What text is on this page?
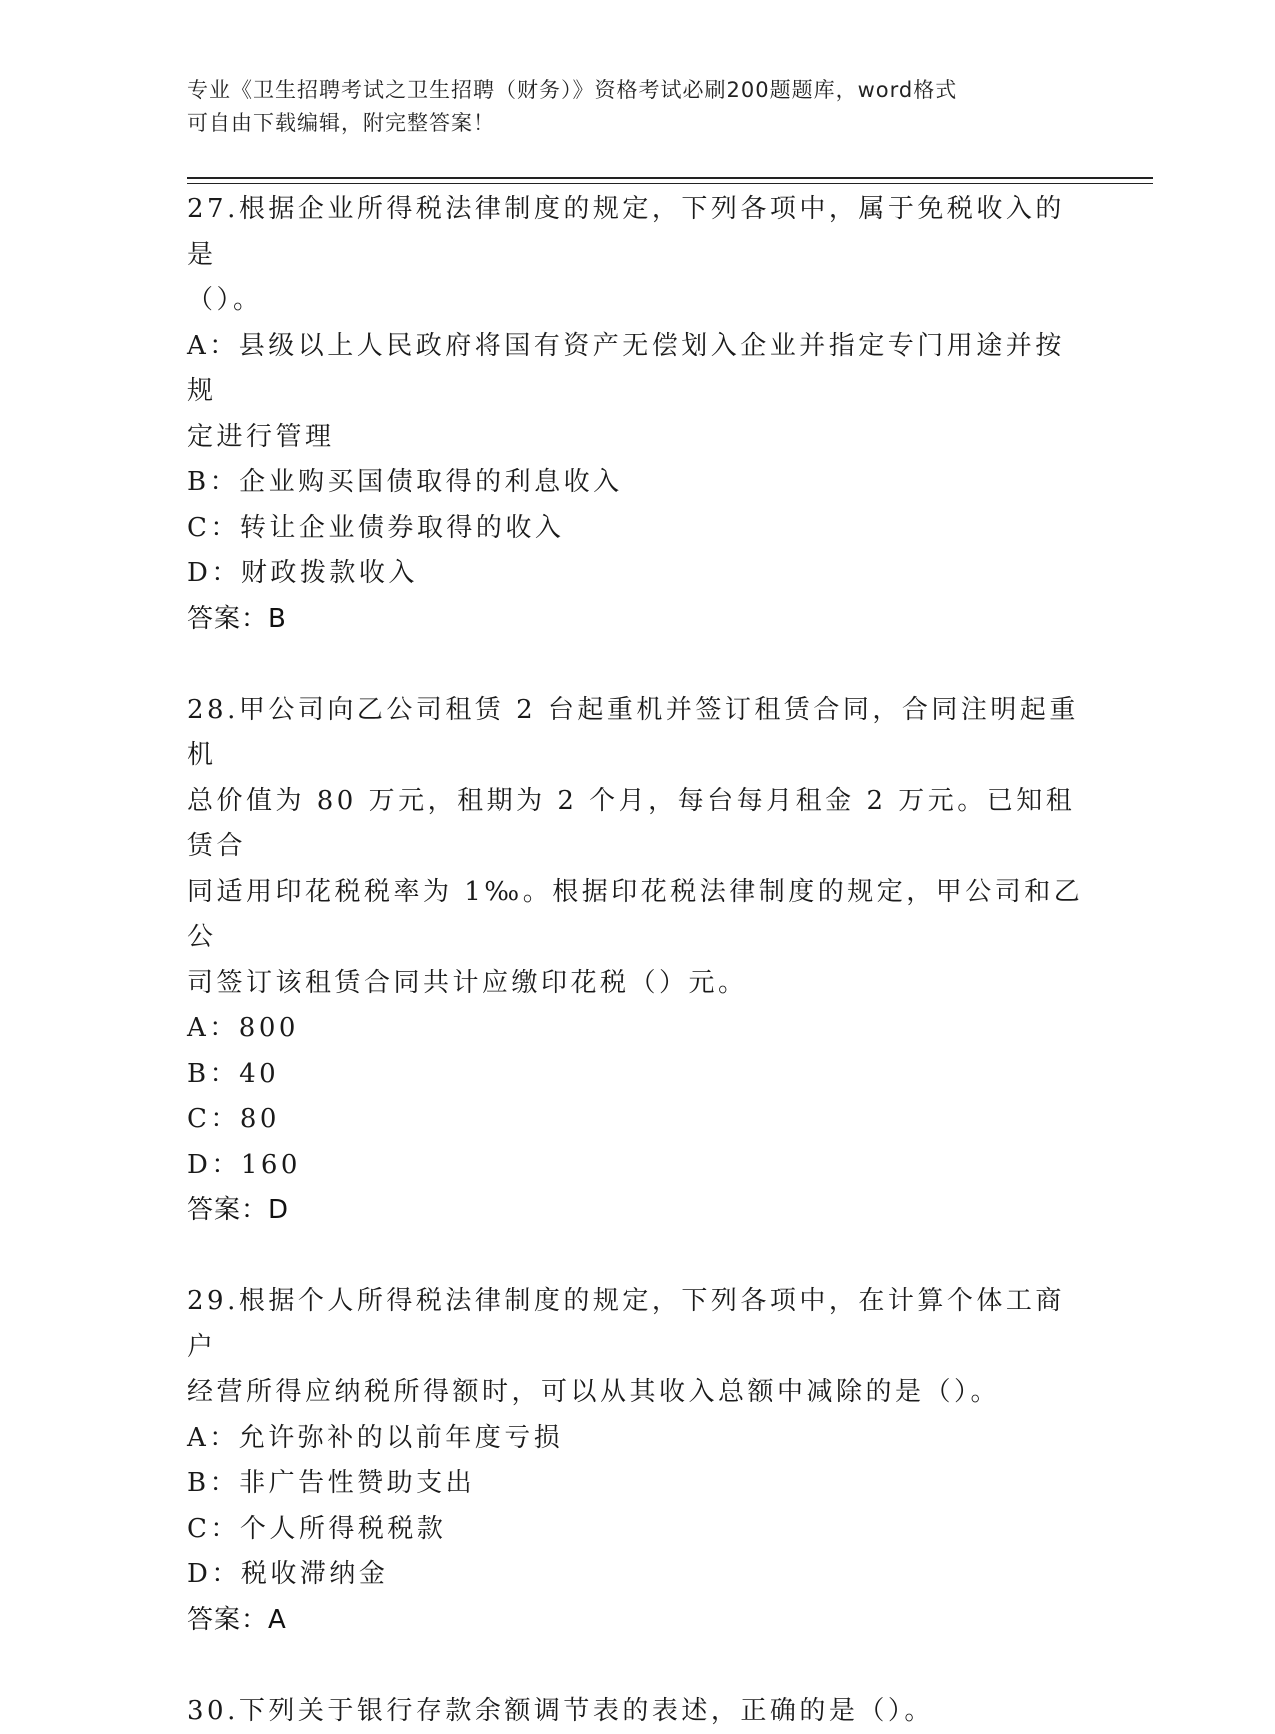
专业《卫生招聘考试之卫生招聘（财务）》资格考试必刷200题题库，word格式
可自由下载编辑，附完整答案！

27.根据企业所得税法律制度的规定，下列各项中，属于免税收入的是
（）。

A：县级以上人民政府将国有资产无偿划入企业并指定专门用途并按规
定进行管理

B：企业购买国债取得的利息收入

C：转让企业债券取得的收入

D：财政拨款收入

答案：B

28.甲公司向乙公司租赁 2 台起重机并签订租赁合同，合同注明起重机
总价值为 80 万元，租期为 2 个月，每台每月租金 2 万元。已知租赁合
同适用印花税税率为 1‰。根据印花税法律制度的规定，甲公司和乙公
司签订该租赁合同共计应缴印花税（）元。

A：800

B：40

C：80

D：160

答案：D

29.根据个人所得税法律制度的规定，下列各项中，在计算个体工商户
经营所得应纳税所得额时，可以从其收入总额中减除的是（）。

A：允许弥补的以前年度亏损

B：非广告性赞助支出

C：个人所得税税款

D：税收滞纳金

答案：A

30.下列关于银行存款余额调节表的表述，正确的是（）。
